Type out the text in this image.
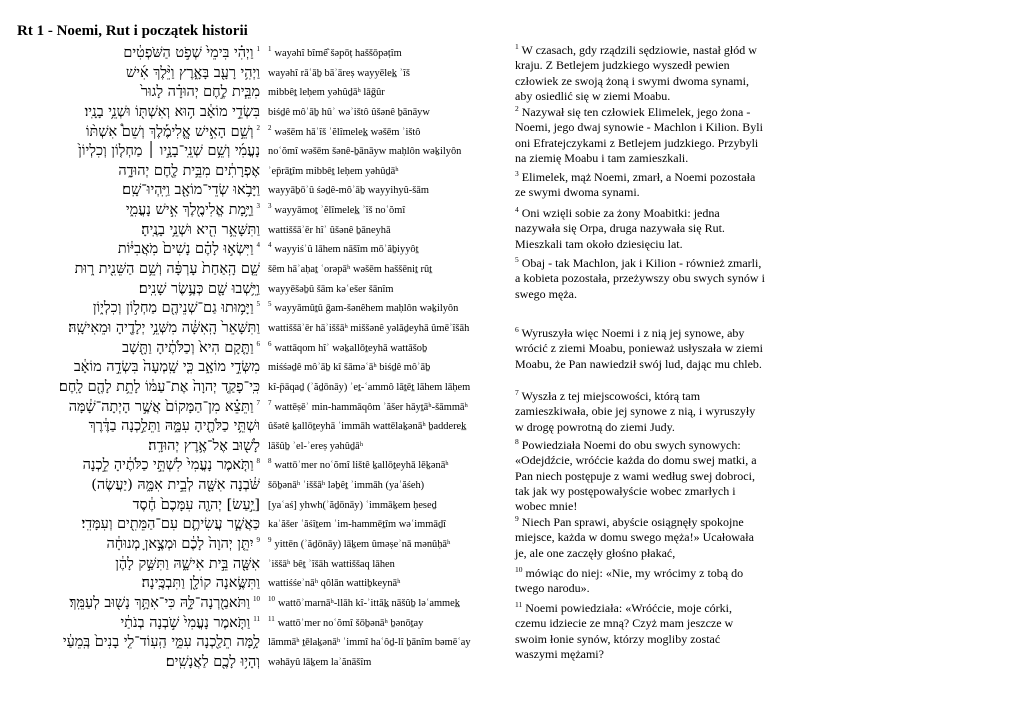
Rt 1 - Noemi, Rut i początek historii
$^1$וַיְהִ֗י בִּימֵי֙ שְׁפֹ֣ט הַשֹּׁפְטִ֔ים
וַיְהִ֥י רָעָ֖ב בָּאָ֑רֶץ וַיֵּ֨לֶךְ אִ֜ישׁ
מִבֵּ֧ית לֶ֣חֶם יְהוּדָ֗ה לָגוּר֙
בִּשְׂדֵ֣י מוֹאָ֔ב ה֥וּא וְאִשְׁתּ֖וֹ וּשְׁנֵ֥י בָנָֽיו׃
$^2$וְשֵׁ֣ם הָאִ֣ישׁ אֱֽלִימֶ֡לֶךְ וְשֵׁם֩ אִשְׁתּ֨וֹ
נָעֳמִ֜י וְשֵׁ֥ם שְׁנֵֽי־בָנָ֣יו ׀ מַחְל֤וֹן וְכִלְיוֹן֙
אֶפְרָתִ֔ים מִבֵּ֥ית לֶ֖חֶם יְהוּדָ֑ה
וַיָּבֹ֥אוּ שְׂדֵי־מוֹאָ֖ב וַיִּֽהְיוּ־שָֽׁם׃
$^3$וַיָּ֥מָת אֱלִימֶ֖לֶךְ אִ֣ישׁ נָעֳמִ֑י
וַתִּשָּׁאֵ֥ר הִ֖יא וּשְׁנֵ֥י בָנֶֽיהָ׃
$^4$וַיִּשְׂא֣וּ לָהֶ֗ם נָשִׁים֙ מֹֽאֲבִיּ֔וֹת
שֵׁ֤ם הָֽאַחַת֙ עָרְפָּ֔ה וְשֵׁ֥ם הַשֵּׁנִ֖ית ר֑וּת
וַיֵּ֥שְׁבוּ שָׁ֖ם כְּעֶ֥שֶׂר שָׁנִֽים׃
$^5$וַיָּמ֥וּתוּ גַם־שְׁנֵיהֶ֖ם מַחְל֣וֹן וְכִלְי֑וֹן
וַתִּשָּׁאֵר֙ הָֽאִשָּׁ֔ה מִשְּׁנֵ֥י יְלָדֶ֖יהָ וּמֵאִישָֽׁהּ׃
$^6$וַתָּ֤קָם הִיא֙ וְכַלֹּתֶ֔יהָ וַתָּ֖שָׁב
מִשְּׂדֵ֣י מוֹאָ֑ב כִּ֤י שָֽׁמְעָה֙ בִּשְׂדֵ֣ה מוֹאָ֔ב
כִּֽי־פָקַ֤ד יְהוָה֙ אֶת־עַמּ֔וֹ לָתֵ֥ת לָהֶ֖ם לָֽחֶם׃
$^7$וַתֵּצֵ֗א מִן־הַמָּקוֹם֙ אֲשֶׁ֣ר הָיְתָה־שָׁ֔מָּה
וּשְׁתֵּ֥י כַלֹּתֶ֖יהָ עִמָּ֑הּ וַתֵּלַ֣כְנָה בַדֶּ֔רֶךְ
לָשׁ֖וּב אֶל־אֶ֥רֶץ יְהוּדָֽה׃
$^8$וַתֹּ֤אמֶר נָעֳמִי֙ לִשְׁתֵּ֣י כַלֹּתֶ֔יהָ לֵ֣כְנָה
שֹּׁ֔בְנָה אִשָּׁ֖ה לְבֵ֣ית אִמָּ֑הּ (יַעֲשֶׂה)
[יַ֣עַשׂ] יְהוָ֤ה עִמָּכֶם֙ חֶ֔סֶד
כַּאֲשֶׁ֧ר עֲשִׂיתֶ֛ם עִם־הַמֵּתִ֖ים וְעִמָּדִֽי׃
$^9$יִתֵּ֤ן יְהוָה֙ לָכֶ֔ם וּמְצֶ֣אןָ מְנוּחָ֔ה
אִשָּׁ֖ה בֵּ֣ית אִישָׁ֑הּ וַתִּשַּׁ֣ק לָהֶ֔ן
וַתִּשֶּׂ֥אנָה קוֹלָ֖ן וַתִּבְכֶּֽינָה׃
$^{10}$וַתֹּאמַ֖רְנָה־לָּ֑הּ כִּי־אִתָּ֥ךְ נָשׁ֖וּב לְעַמֵּֽךְ׃
$^{11}$וַתֹּ֤אמֶר נָעֳמִי֙ שֹׁ֣בְנָה בְנֹתַ֔י
לָ֥מָּה תֵלַ֖כְנָה עִמִּ֑י הַֽעֽוֹד־לִ֤י בָנִים֙ בְּֽמֵעַ֔י
וְהָי֥וּ לָכֶ֖ם לַאֲנָשִֽׁים׃
$^1$ wayəhî bîmê̂ šəpōṭ haššōpəṭîm
wayəhî rāʿāḇ bāʾāreṣ wayyēlek̲ ʾîš
mibbêṯ leḥem yəhûḏāʰ lāḡûr
biśḏê môʾāḇ hûʾ wəʾištô ûšənê ḇānāyw
$^2$ wəšēm hāʾîš ʾĕlîmelek̲ wəšēm ʾištô
noʿŏmî wəšēm šənê-ḇānāyw maḥlôn wəḵilyôn
ʾep̄rāṯîm mibbêṯ leḥem yəhûḏāʰ
wayyāḇōʾû śəḏê-môʾāḇ wayyihyû-šām
$^3$ wayyāmoṯ ʾĕlîmelek̲ ʾîš noʿŏmî
wattiššāʾēr hîʾ ûšənê ḇāneyhā
$^4$ wayyiśʾû lāhem nāšîm mōʾăḇiyyôṯ
šēm hāʾaḥaṯ ʿorəpāʰ wəšēm haššēniṯ rûṯ
wayyēšəḇû šām kəʿešer šānîm
$^5$ wayyāmûṯû ḡam-šənêhem maḥlôn wəḵilyôn
wattiššāʾēr hāʾiššāʰ miššənê yəlāḏeyhā ûmēʾîšāh
$^6$ wattāqom hîʾ wəḵallōṯeyhā wattāšoḇ
miśśəḏê môʾāḇ kî šāməʿāʰ biśḏê môʾāḇ
kî-p̄āqaḏ (ʾăḏōnāy) ʾeṯ-ʿammô lāṯēṯ lāhem lāḥem
$^7$ wattēṣēʾ min-hammāqôm ʾăšer hāyṯāʰ-šāmmāʰ
ûšətê ḵallōṯeyhā ʿimmāh wattēlaḵənāʰ ḇadderek̲
lāšûḇ ʾel-ʾereṣ yəhûḏāʰ
$^8$ wattōʾmer noʿŏmî lištê ḵallōṯeyhā lēḵənāʰ
šōḇənāʰ ʾiššāʰ ləḇêṯ ʾimmāh (yaʿăśeh)
[yaʿaś] yhwh(ʾăḏōnāy) ʿimmāḵem ḥeseḏ
kaʾăšer ʿăśîṯem ʿim-hammēṯîm wəʿimmāḏî
$^9$ yittēn (ʾăḏōnāy) lāḵem ûməṣeʾnā mənûḥāʰ
ʾiššāʰ bêṯ ʾîšāh wattiššaq lāhen
wattiśśeʾnāʰ qôlān wattiḇkeynāʰ
$^{10}$ wattōʾmarnāʰ-llāh kî-ʾittāk̲ nāšûḇ ləʿammek̲
$^{11}$ wattōʾmer noʿŏmî šōḇənāʰ ḇənōṯay
lāmmāʰ ṯēlaḵənāʰ ʿimmî haʿôḏ-lî ḇānîm bəmēʿay
wəhāyû lāḵem laʾănāšîm

$^1$ W czasach, gdy rządzili sędziowie, nastał głód w kraju. Z Betlejem judzkiego wyszedł pewien człowiek ze swoją żoną i swymi dwoma synami, aby osiedlić się w ziemi Moabu.

$^2$ Nazywał się ten człowiek Elimelek, jego żona - Noemi, jego dwaj synowie - Machlon i Kilion. Byli oni Efratejczykami z Betlejem judzkiego. Przybyli na ziemię Moabu i tam zamieszkali.

$^3$ Elimelek, mąż Noemi, zmarł, a Noemi pozostała ze swymi dwoma synami.

$^4$ Oni wzięli sobie za żony Moabitki: jedna nazywała się Orpa, druga nazywała się Rut. Mieszkali tam około dziesięciu lat.

$^5$ Obaj - tak Machlon, jak i Kilion - również zmarli, a kobieta pozostała, przeżywszy obu swych synów i swego męża.

$^6$ Wyruszyła więc Noemi i z nią jej synowe, aby wrócić z ziemi Moabu, ponieważ usłyszała w ziemi Moabu, że Pan nawiedził swój lud, dając mu chleb.

$^7$ Wyszła z tej miejscowości, którą tam zamieszkiwała, obie jej synowe z nią, i wyruszyły w drogę powrotną do ziemi Judy.

$^8$ Powiedziała Noemi do obu swych synowych: «Odejdźcie, wróćcie każda do domu swej matki, a Pan niech postępuje z wami według swej dobroci, tak jak wy postępowałyście wobec zmarłych i wobec mnie!

$^9$ Niech Pan sprawi, abyście osiągnęły spokojne miejsce, każda w domu swego męża!» Ucałowała je, ale one zaczęły głośno płakać,

$^{10}$ mówiąc do niej: «Nie, my wrócimy z tobą do twego narodu».

$^{11}$ Noemi powiedziała: «Wróćcie, moje córki, czemu idziecie ze mną? Czyż mam jeszcze w swoim łonie synów, którzy mogliby zostać waszymi mężami?
